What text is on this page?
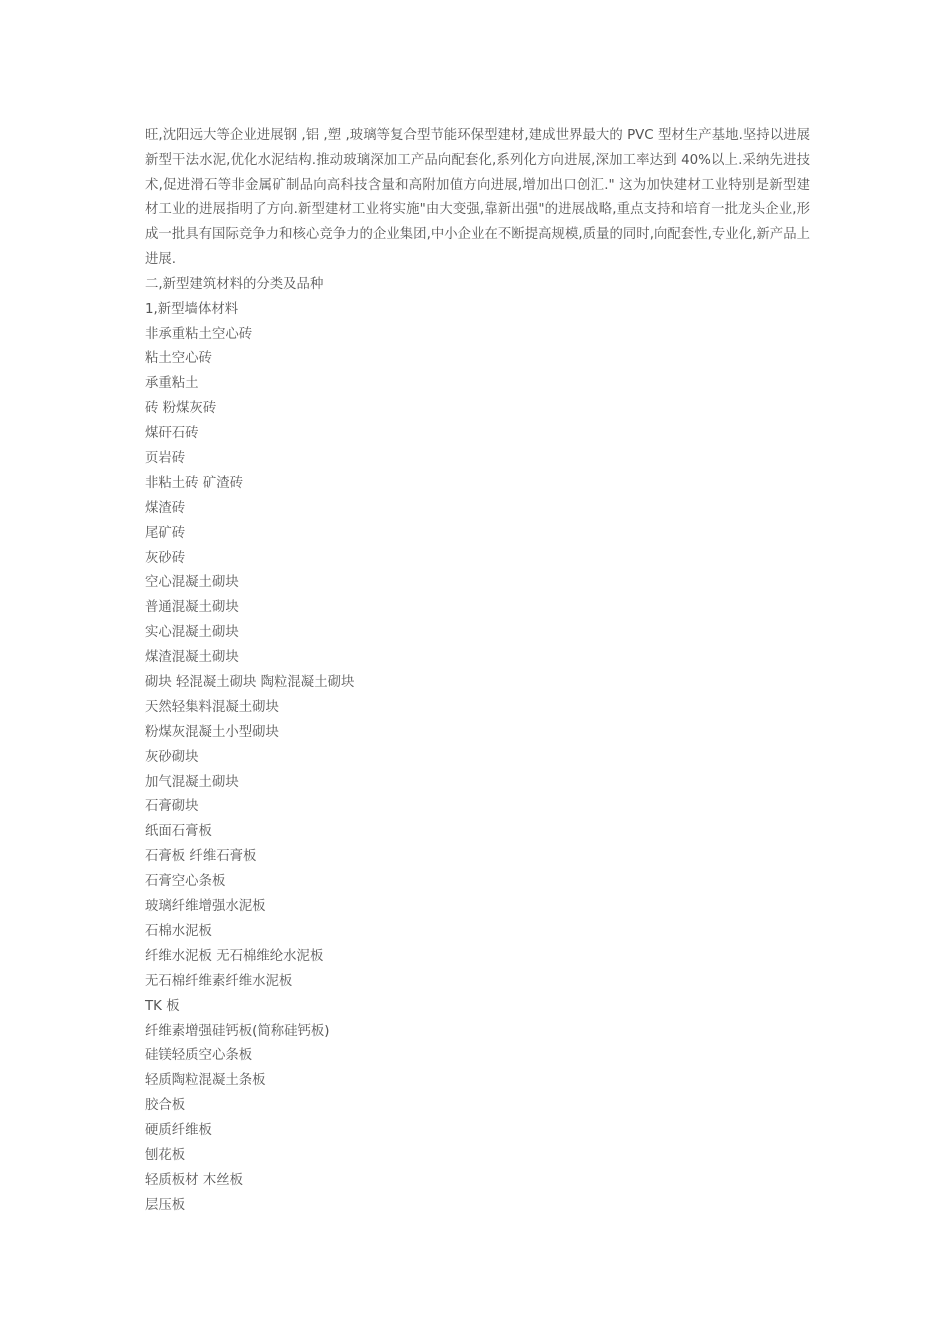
旺,沈阳远大等企业进展钢 ,铝 ,塑 ,玻璃等复合型节能环保型建材,建成世界最大的 PVC 型材生产基地.坚持以进展新型干法水泥,优化水泥结构.推动玻璃深加工产品向配套化,系列化方向进展,深加工率达到 40%以上.采纳先进技术,促进滑石等非金属矿制品向高科技含量和高附加值方向进展,增加出口创汇." 这为加快建材工业特别是新型建材工业的进展指明了方向.新型建材工业将实施"由大变强,靠新出强"的进展战略,重点支持和培育一批龙头企业,形成一批具有国际竞争力和核心竞争力的企业集团,中小企业在不断提高规模,质量的同时,向配套性,专业化,新产品上进展.

二,新型建筑材料的分类及品种
1,新型墙体材料
非承重粘土空心砖
粘土空心砖
承重粘土
砖 粉煤灰砖
煤矸石砖
页岩砖
非粘土砖 矿渣砖
煤渣砖
尾矿砖
灰砂砖
空心混凝土砌块
普通混凝土砌块
实心混凝土砌块
煤渣混凝土砌块
砌块 轻混凝土砌块 陶粒混凝土砌块
天然轻集料混凝土砌块
粉煤灰混凝土小型砌块
灰砂砌块
加气混凝土砌块
石膏砌块
纸面石膏板
石膏板 纤维石膏板
石膏空心条板
玻璃纤维增强水泥板
石棉水泥板
纤维水泥板 无石棉维纶水泥板
无石棉纤维素纤维水泥板
TK 板
纤维素增强硅钙板(简称硅钙板)
硅镁轻质空心条板
轻质陶粒混凝土条板
胶合板
硬质纤维板
刨花板
轻质板材 木丝板
层压板
